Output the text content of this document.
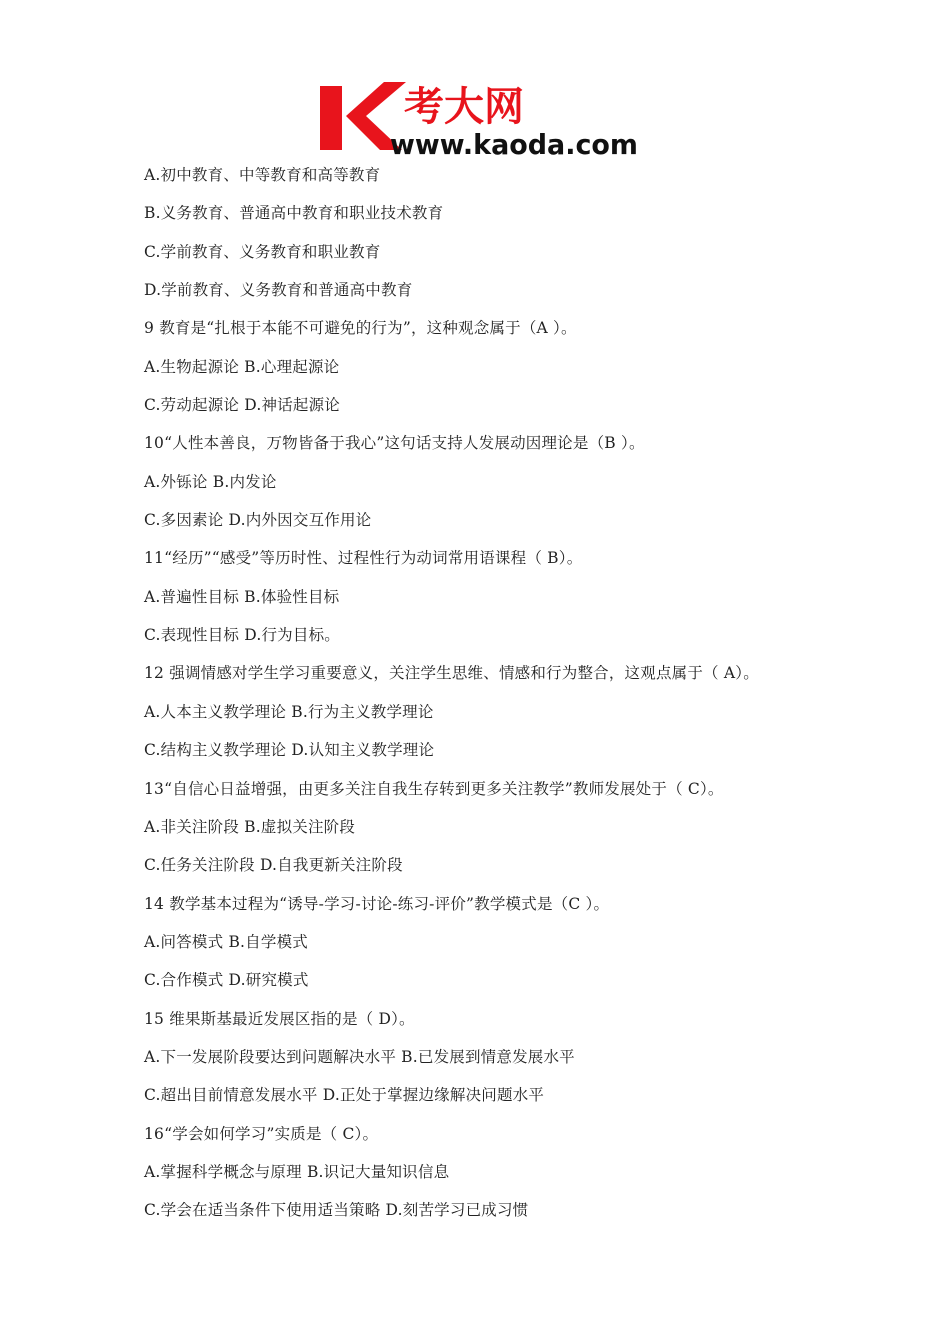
考大网
www.kaoda.com
A.初中教育、中等教育和高等教育
B.义务教育、普通高中教育和职业技术教育
C.学前教育、义务教育和职业教育
D.学前教育、义务教育和普通高中教育
9 教育是“扎根于本能不可避免的行为”，这种观念属于（A ）。
A.生物起源论 B.心理起源论
C.劳动起源论 D.神话起源论
10“人性本善良，万物皆备于我心”这句话支持人发展动因理论是（B ）。
A.外铄论 B.内发论
C.多因素论 D.内外因交互作用论
11“经历”“感受”等历时性、过程性行为动词常用语课程（ B）。
A.普遍性目标 B.体验性目标
C.表现性目标 D.行为目标。
12 强调情感对学生学习重要意义，关注学生思维、情感和行为整合，这观点属于（ A）。
A.人本主义教学理论 B.行为主义教学理论
C.结构主义教学理论 D.认知主义教学理论
13“自信心日益增强，由更多关注自我生存转到更多关注教学”教师发展处于（ C）。
A.非关注阶段 B.虚拟关注阶段
C.任务关注阶段 D.自我更新关注阶段
14 教学基本过程为“诱导-学习-讨论-练习-评价”教学模式是（C ）。
A.问答模式 B.自学模式
C.合作模式 D.研究模式
15 维果斯基最近发展区指的是（ D）。
A.下一发展阶段要达到问题解决水平 B.已发展到情意发展水平
C.超出目前情意发展水平 D.正处于掌握边缘解决问题水平
16“学会如何学习”实质是（ C）。
A.掌握科学概念与原理 B.识记大量知识信息
C.学会在适当条件下使用适当策略 D.刻苦学习已成习惯
